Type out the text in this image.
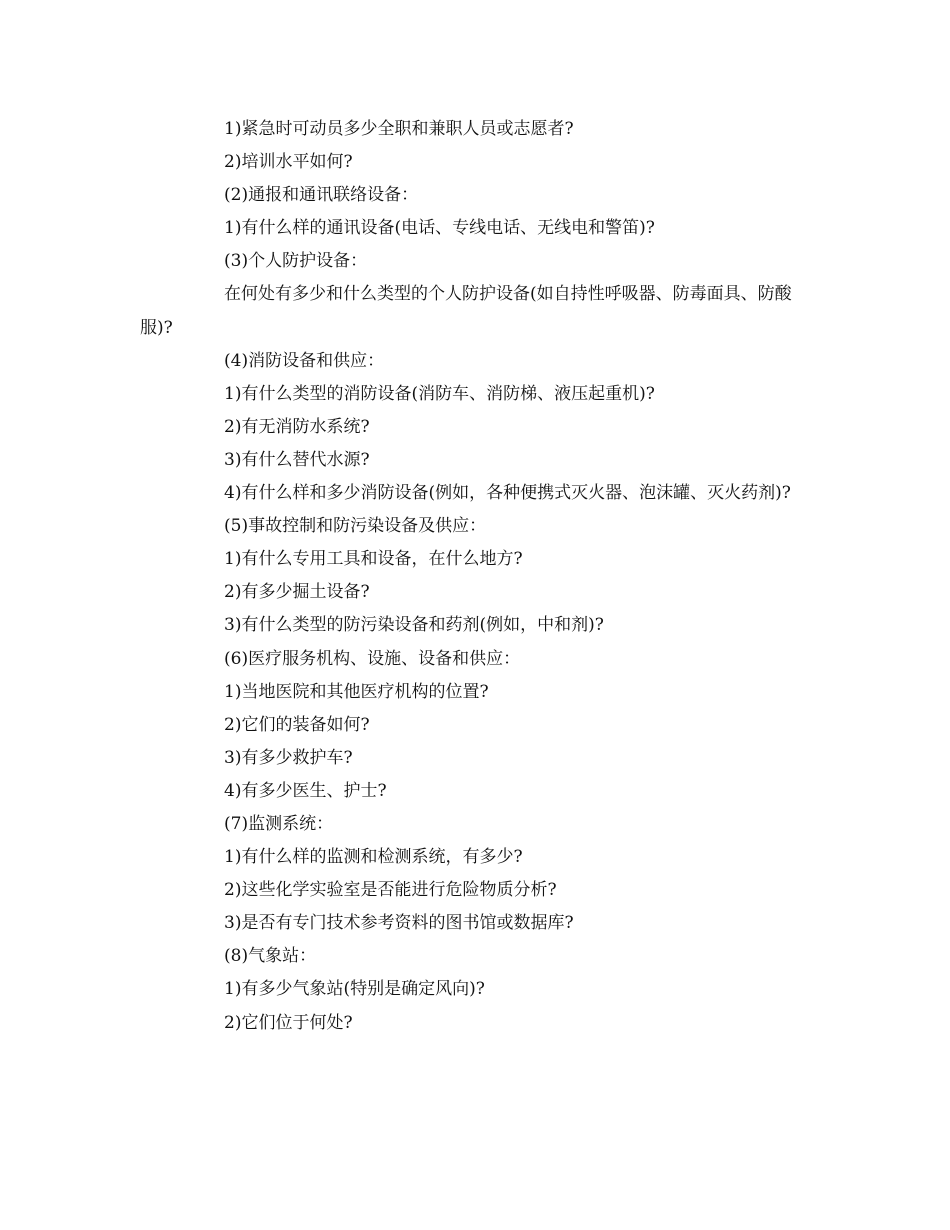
1)紧急时可动员多少全职和兼职人员或志愿者?

2)培训水平如何?

(2)通报和通讯联络设备：

1)有什么样的通讯设备(电话、专线电话、无线电和警笛)?

(3)个人防护设备：

在何处有多少和什么类型的个人防护设备(如自持性呼吸器、防毒面具、防酸服)?

(4)消防设备和供应：

1)有什么类型的消防设备(消防车、消防梯、液压起重机)?

2)有无消防水系统?

3)有什么替代水源?

4)有什么样和多少消防设备(例如，各种便携式灭火器、泡沫罐、灭火药剂)?

(5)事故控制和防污染设备及供应：

1)有什么专用工具和设备，在什么地方?

2)有多少掘土设备?

3)有什么类型的防污染设备和药剂(例如，中和剂)?

(6)医疗服务机构、设施、设备和供应：

1)当地医院和其他医疗机构的位置?

2)它们的装备如何?

3)有多少救护车?

4)有多少医生、护士?

(7)监测系统：

1)有什么样的监测和检测系统，有多少?

2)这些化学实验室是否能进行危险物质分析?

3)是否有专门技术参考资料的图书馆或数据库?

(8)气象站：

1)有多少气象站(特别是确定风向)?

2)它们位于何处?
